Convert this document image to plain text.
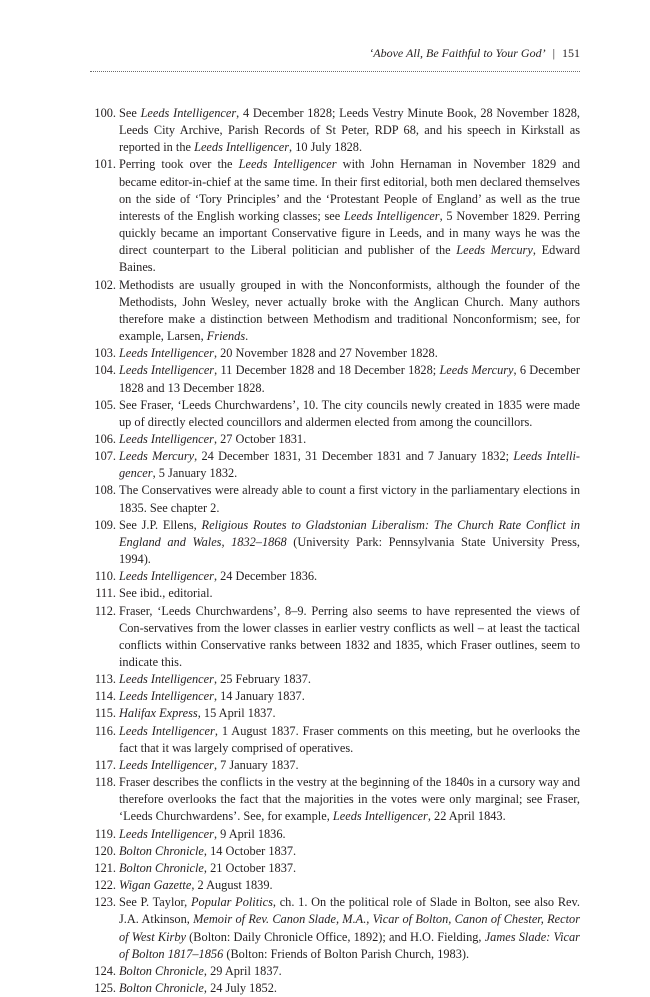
‘Above All, Be Faithful to Your God’ | 151
100. See Leeds Intelligencer, 4 December 1828; Leeds Vestry Minute Book, 28 November 1828, Leeds City Archive, Parish Records of St Peter, RDP 68, and his speech in Kirkstall as reported in the Leeds Intelligencer, 10 July 1828.
101. Perring took over the Leeds Intelligencer with John Hernaman in November 1829 and became editor-in-chief at the same time. In their first editorial, both men declared themselves on the side of ‘Tory Principles’ and the ‘Protestant People of England’ as well as the true interests of the English working classes; see Leeds Intelligencer, 5 November 1829. Perring quickly became an important Conservative figure in Leeds, and in many ways he was the direct counterpart to the Liberal politician and publisher of the Leeds Mercury, Edward Baines.
102. Methodists are usually grouped in with the Nonconformists, although the founder of the Methodists, John Wesley, never actually broke with the Anglican Church. Many authors therefore make a distinction between Methodism and traditional Nonconformism; see, for example, Larsen, Friends.
103. Leeds Intelligencer, 20 November 1828 and 27 November 1828.
104. Leeds Intelligencer, 11 December 1828 and 18 December 1828; Leeds Mercury, 6 December 1828 and 13 December 1828.
105. See Fraser, ‘Leeds Churchwardens’, 10. The city councils newly created in 1835 were made up of directly elected councillors and aldermen elected from among the councillors.
106. Leeds Intelligencer, 27 October 1831.
107. Leeds Mercury, 24 December 1831, 31 December 1831 and 7 January 1832; Leeds Intelli-gencer, 5 January 1832.
108. The Conservatives were already able to count a first victory in the parliamentary elections in 1835. See chapter 2.
109. See J.P. Ellens, Religious Routes to Gladstonian Liberalism: The Church Rate Conflict in England and Wales, 1832–1868 (University Park: Pennsylvania State University Press, 1994).
110. Leeds Intelligencer, 24 December 1836.
111. See ibid., editorial.
112. Fraser, ‘Leeds Churchwardens’, 8–9. Perring also seems to have represented the views of Con-servatives from the lower classes in earlier vestry conflicts as well – at least the tactical conflicts within Conservative ranks between 1832 and 1835, which Fraser outlines, seem to indicate this.
113. Leeds Intelligencer, 25 February 1837.
114. Leeds Intelligencer, 14 January 1837.
115. Halifax Express, 15 April 1837.
116. Leeds Intelligencer, 1 August 1837. Fraser comments on this meeting, but he overlooks the fact that it was largely comprised of operatives.
117. Leeds Intelligencer, 7 January 1837.
118. Fraser describes the conflicts in the vestry at the beginning of the 1840s in a cursory way and therefore overlooks the fact that the majorities in the votes were only marginal; see Fraser, ‘Leeds Churchwardens’. See, for example, Leeds Intelligencer, 22 April 1843.
119. Leeds Intelligencer, 9 April 1836.
120. Bolton Chronicle, 14 October 1837.
121. Bolton Chronicle, 21 October 1837.
122. Wigan Gazette, 2 August 1839.
123. See P. Taylor, Popular Politics, ch. 1. On the political role of Slade in Bolton, see also Rev. J.A. Atkinson, Memoir of Rev. Canon Slade, M.A., Vicar of Bolton, Canon of Chester, Rector of West Kirby (Bolton: Daily Chronicle Office, 1892); and H.O. Fielding, James Slade: Vicar of Bolton 1817–1856 (Bolton: Friends of Bolton Parish Church, 1983).
124. Bolton Chronicle, 29 April 1837.
125. Bolton Chronicle, 24 July 1852.
